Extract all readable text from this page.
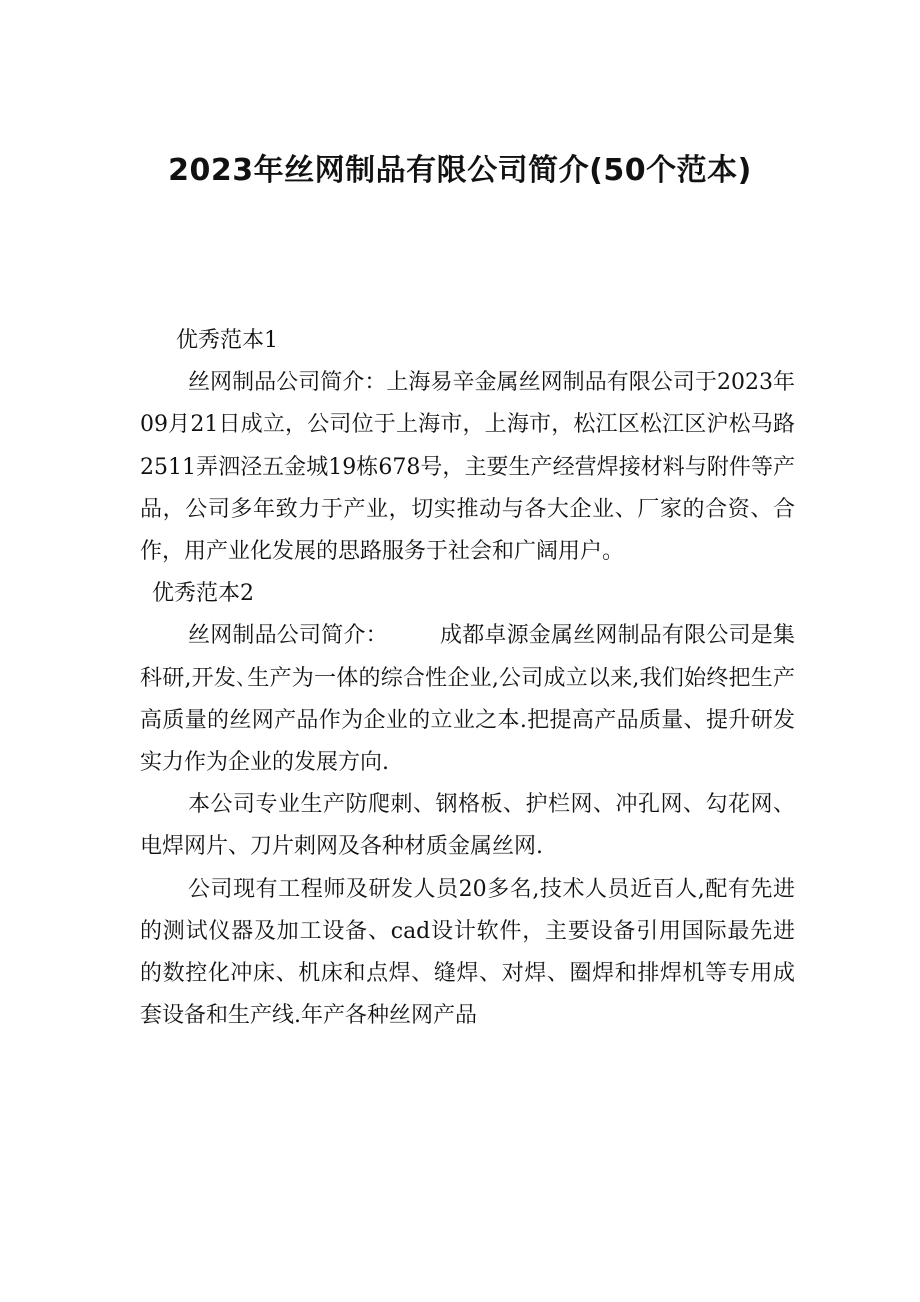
2023年丝网制品有限公司简介(50个范本)

优秀范本1

丝网制品公司简介：上海易辛金属丝网制品有限公司于2023年09月21日成立，公司位于上海市，上海市，松江区松江区沪松马路2511弄泗泾五金城19栋678号，主要生产经营焊接材料与附件等产品，公司多年致力于产业，切实推动与各大企业、厂家的合资、合作，用产业化发展的思路服务于社会和广阔用户。

优秀范本2

丝网制品公司简介： 成都卓源金属丝网制品有限公司是集科研,开发､生产为一体的综合性企业,公司成立以来,我们始终把生产高质量的丝网产品作为企业的立业之本.把提高产品质量、提升研发实力作为企业的发展方向.

本公司专业生产防爬刺、钢格板、护栏网、冲孔网、勾花网、电焊网片、刀片刺网及各种材质金属丝网.

公司现有工程师及研发人员20多名,技术人员近百人,配有先进的测试仪器及加工设备、cad设计软件，主要设备引用国际最先进的数控化冲床、机床和点焊、缝焊、对焊、圈焊和排焊机等专用成套设备和生产线.年产各种丝网产品
